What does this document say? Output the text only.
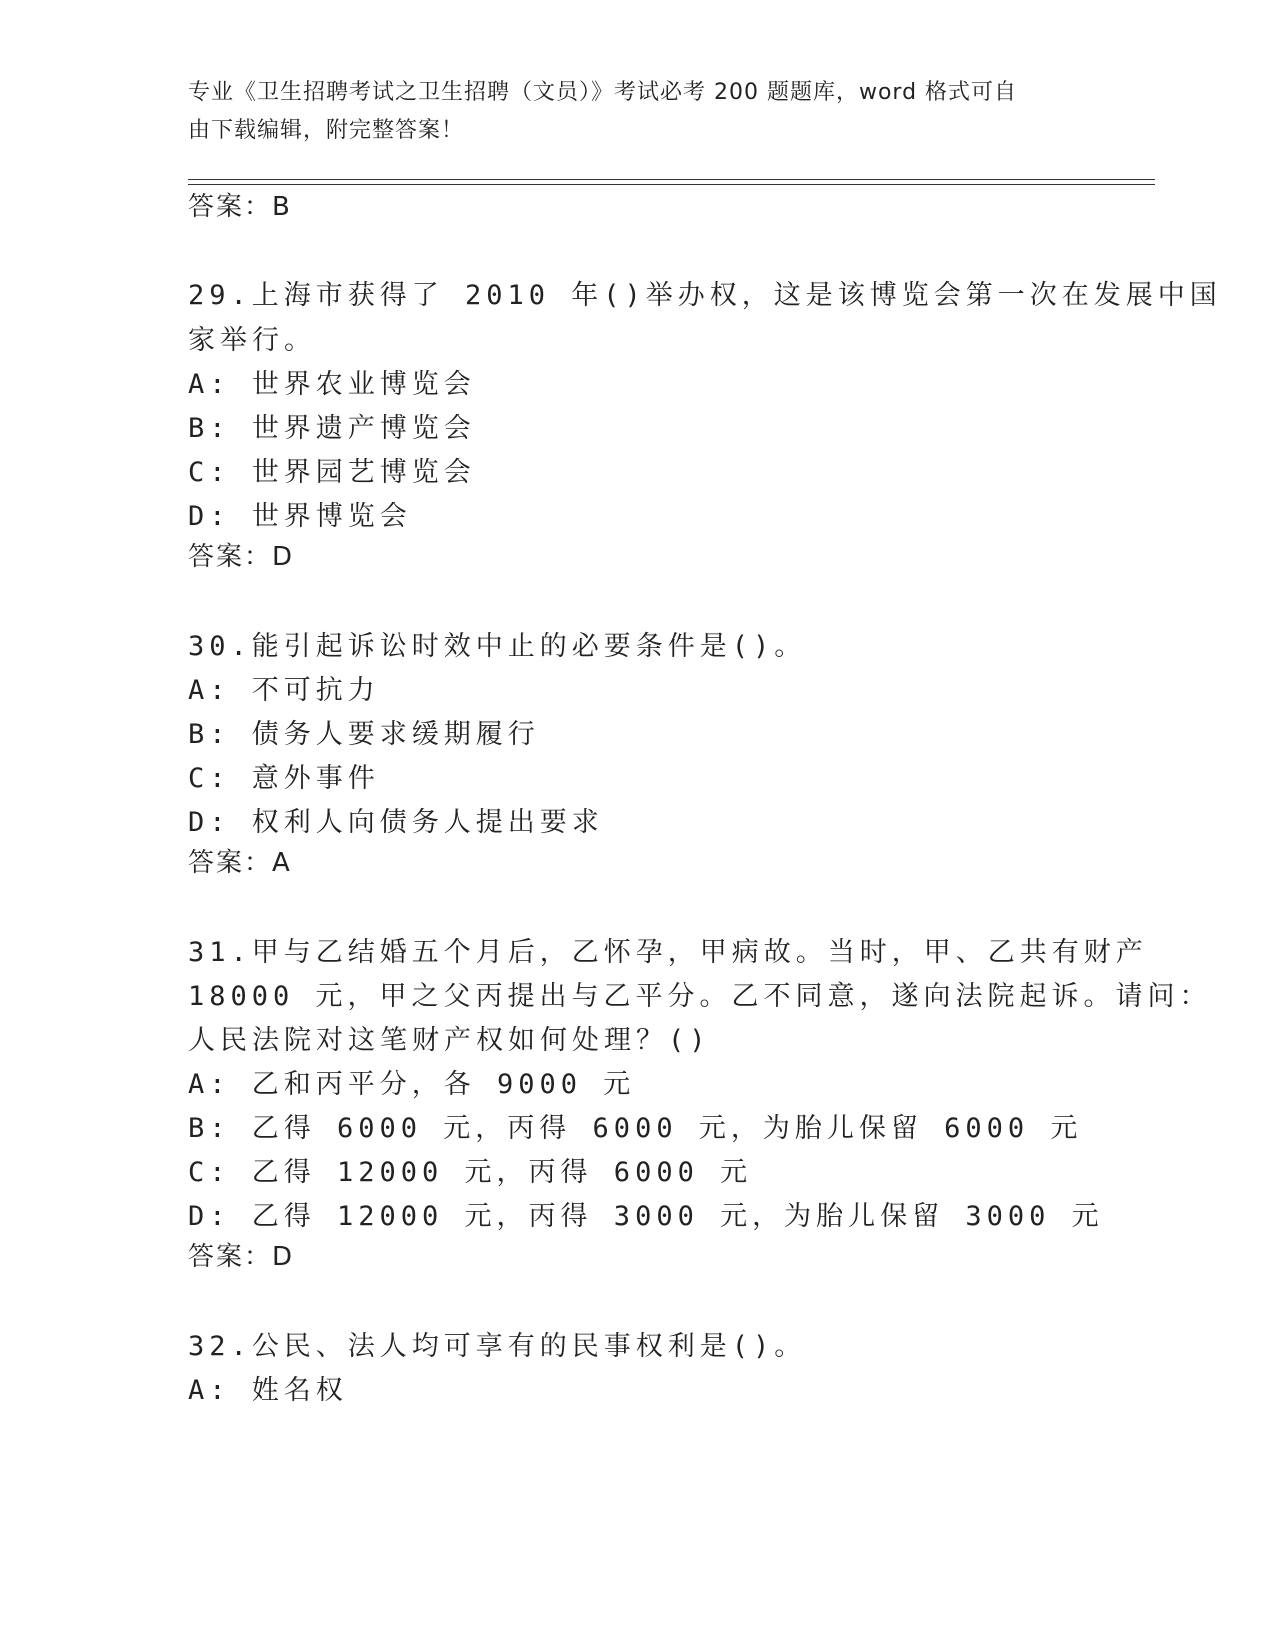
专业《卫生招聘考试之卫生招聘（文员）》考试必考 200 题题库，word 格式可自
由下载编辑，附完整答案！
答案：B
29.上海市获得了 2010 年()举办权，这是该博览会第一次在发展中国
家举行。
A: 世界农业博览会
B: 世界遗产博览会
C: 世界园艺博览会
D: 世界博览会
答案：D
30.能引起诉讼时效中止的必要条件是()。
A: 不可抗力
B: 债务人要求缓期履行
C: 意外事件
D: 权利人向债务人提出要求
答案：A
31.甲与乙结婚五个月后，乙怀孕，甲病故。当时，甲、乙共有财产
18000 元，甲之父丙提出与乙平分。乙不同意，遂向法院起诉。请问：
人民法院对这笔财产权如何处理？()
A: 乙和丙平分，各 9000 元
B: 乙得 6000 元，丙得 6000 元，为胎儿保留 6000 元
C: 乙得 12000 元，丙得 6000 元
D: 乙得 12000 元，丙得 3000 元，为胎儿保留 3000 元
答案：D
32.公民、法人均可享有的民事权利是()。
A: 姓名权
